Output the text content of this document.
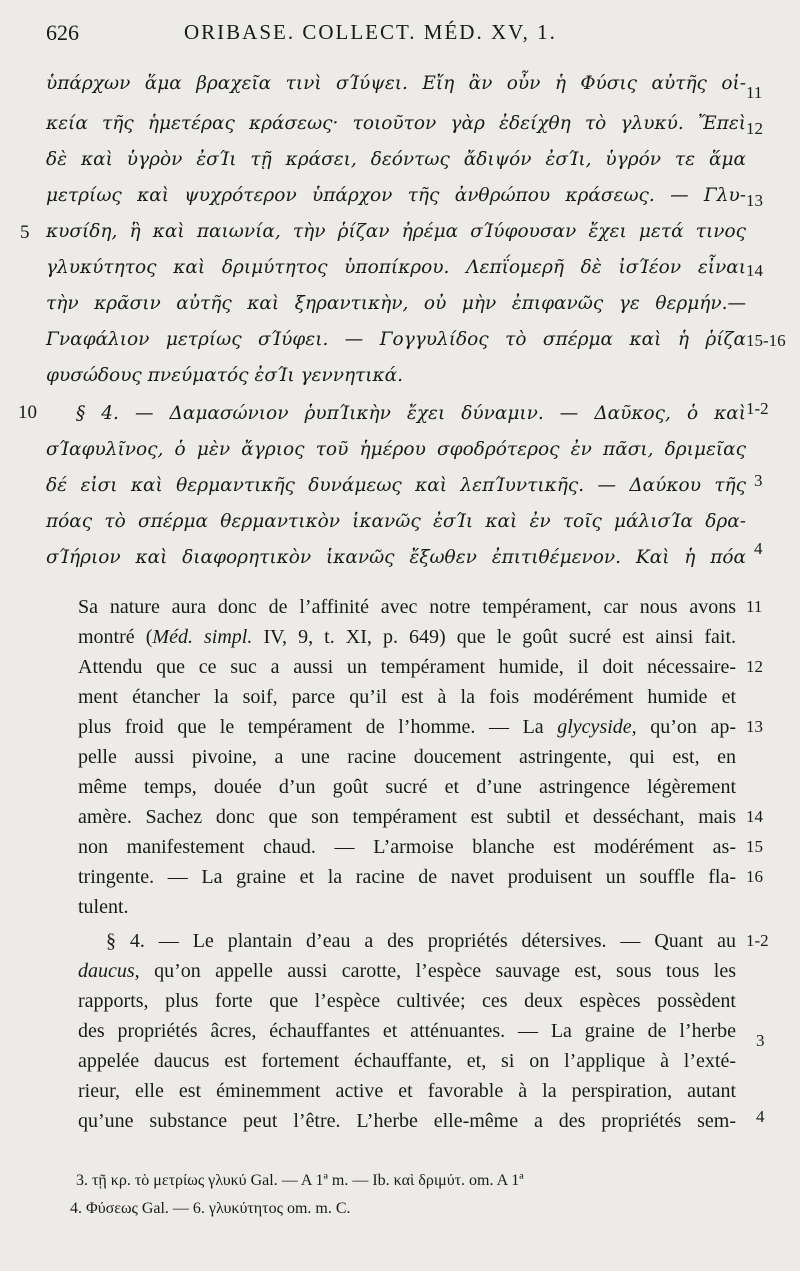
626	ORIBASE. COLLECT. MÉD. XV, 1.
ὑπάρχων ἅμα βραχεῖα τινὶ σΊύψει. Εἴη ἂν οὖν ἡ Φύσις αὐτῆς οἰ-
κεία τῆς ἡμετέρας κράσεως· τοιοῦτον γὰρ ἐδείχθη τὸ γλυκύ. Ἔπεὶ
δὲ καὶ ὑγρὸν ἐσΊι τῇ κράσει, δεόντως ἄδιψόν ἐσΊι, ὑγρόν τε ἅμα
μετρίως καὶ ψυχρότερον ὑπάρχον τῆς ἀνθρώπου κράσεως. — Γλυ-
κυσίδη, ἣ καὶ παιωνία, τὴν ῥίζαν ἠρέμα σΊύφουσαν ἔχει μετά τινος
γλυκύτητος καὶ δριμύτητος ὑποπίκρου. Λεπΐομερῆ δὲ ἰσΊέον εἶναι
τὴν κρᾶσιν αὐτῆς καὶ ξηραντικὴν, οὐ μὴν ἐπιφανῶς γε θερμήν.—
Γναφάλιον μετρίως σΊύφει. — Γογγυλίδος τὸ σπέρμα καὶ ἡ ῥίζα
φυσώδους πνεύματός ἐσΊι γεννητικά.
§ 4. — Δαμασώνιον ῥυπΊικὴν ἔχει δύναμιν. — Δαῦκος, ὁ καὶ
σΊαφυλῖνος, ὁ μὲν ἄγριος τοῦ ἡμέρου σφοδρότερος ἐν πᾶσι, δριμεῖας
δέ εἰσι καὶ θερμαντικῆς δυνάμεως καὶ λεπΊυντικῆς. — Δαύκου τῆς
πόας τὸ σπέρμα θερμαντικὸν ἱκανῶς ἐσΊι καὶ ἐν τοῖς μάλισΊα δρα-
σΊήριον καὶ διαφορητικὸν ἱκανῶς ἔξωθεν ἐπιτιθέμενον. Καὶ ἡ πόα
5
10
11
12
13
14
15-16
1-2
3
4
Sa nature aura donc de l’affinité avec notre tempérament, car nous avons
montré (Méd. simpl. IV, 9, t. XI, p. 649) que le goût sucré est ainsi fait.
Attendu que ce suc a aussi un tempérament humide, il doit nécessaire-
ment étancher la soif, parce qu’il est à la fois modérément humide et
plus froid que le tempérament de l’homme. — La glycyside, qu’on ap-
pelle aussi pivoine, a une racine doucement astringente, qui est, en
même temps, douée d’un goût sucré et d’une astringence légèrement
amère. Sachez donc que son tempérament est subtil et desséchant, mais
non manifestement chaud. — L’armoise blanche est modérément as-
tringente. — La graine et la racine de navet produisent un souffle fla-
tulent.
§ 4. — Le plantain d’eau a des propriétés détersives. — Quant au
daucus, qu’on appelle aussi carotte, l’espèce sauvage est, sous tous les
rapports, plus forte que l’espèce cultivée; ces deux espèces possèdent
des propriétés âcres, échauffantes et atténuantes. — La graine de l’herbe
appelée daucus est fortement échauffante, et, si on l’applique à l’exté-
rieur, elle est éminemment active et favorable à la perspiration, autant
qu’une substance peut l’être. L’herbe elle-même a des propriétés sem-
11
12
13
14
15
16
1-2
3
4
3. τῇ κρ. τὸ μετρίως γλυκύ Gal. — A 1ª m. — Ib. καὶ δριμύτ. om. A 1ª
4. Φύσεως Gal. — 6. γλυκύτητος om. m. C.
